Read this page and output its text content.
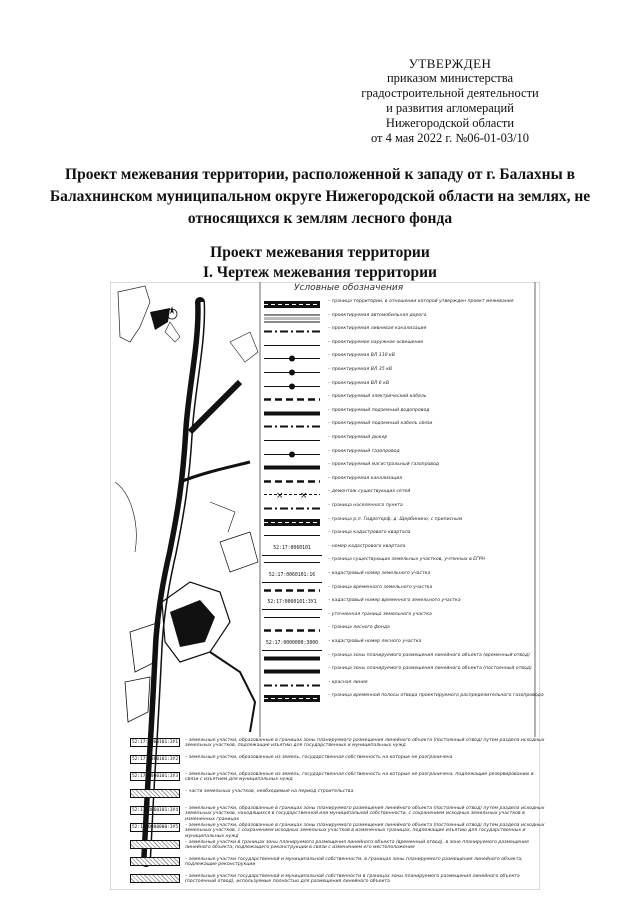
УТВЕРЖДЕН
приказом министерства
градостроительной деятельности
и развития агломераций
Нижегородской области
от 4 мая 2022 г. №06-01-03/10
Проект межевания территории, расположенной к западу от г. Балахны в Балахнинском муниципальном округе Нижегородской области на землях, не относящихся к землям лесного фонда
Проект межевания территории
I. Чертеж межевания территории
Условные обозначения
– граница территории, в отношении которой утвержден проект межевания
– проектируемая автомобильная дорога
– проектируемая ливневая канализация
– проектируемое наружное освещение
– проектируемая ВЛ 110 кВ
– проектируемая ВЛ 35 кВ
– проектируемая ВЛ 6 кВ
– проектируемый электрический кабель
– проектируемый подземный водопровод
– проектируемый подземный кабель связи
– проектируемый дюкер
– проектируемый газопровод
– проектируемый магистральный газопровод
– проектируемая канализация
× ×	– демонтаж существующих сетей
– граница населенного пункта
– граница р.п. Гидроторф, д. Щербинино, с приписным
– граница кадастрового квартала
52:17:0060101	– номер кадастрового квартала
– граница существующих земельных участков, учтенных в ЕГРН
52:17:0060101:16	– кадастровый номер земельного участка
– граница временного земельного участка
52:17:0060101:ЗУ1	– кадастровый номер временного земельного участка
– уточненная граница земельного участка
– граница лесного фонда
52:17:0000000:3000	– кадастровый номер лесного участка
– граница зоны планируемого размещения линейного объекта (временный отвод)
– граница зоны планируемого размещения линейного объекта (постоянный отвод)
– красная линия
– граница временной полосы отвода проектируемого распределительного газопровода
52:17:0060101:ЗУ1	– земельные участки, образованные в границах зоны планируемого размещения линейного объекта (постоянный отвод) путем раздела исходных земельных участков, подлежащие изъятию для государственных и муниципальных нужд
52:17:0060101:ЗУ2	– земельные участки, образованные из земель, государственная собственность на которые не разграничена
52:17:0060101:ЗУ3	– земельные участки, образованные из земель, государственная собственность на которые не разграничена, подлежащие резервированию в связи с изъятием для муниципальных нужд
– части земельных участков, необходимые на период строительства
52:17:0060101:ЗУ4	– земельные участки, образованные в границах зоны планируемого размещения линейного объекта (постоянный отвод) путем раздела исходных земельных участков, находящихся в государственной или муниципальной собственности, с сохранением исходных земельных участков в измененных границах
52:17:0000000:ЗУ5	– земельные участки, образованные в границах зоны планируемого размещения линейного объекта (постоянный отвод) путем раздела исходных земельных участков, с сохранением исходных земельных участков в измененных границах, подлежащие изъятию для государственных и муниципальных нужд
– земельные участки в границах зоны планируемого размещения линейного объекта (временный отвод), в зоне планируемого размещения линейного объекта, подлежащего реконструкции в связи с изменением его местоположения
– земельные участки государственной и муниципальной собственности, в границах зоны планируемого размещения линейного объекта, подлежащие реконструкции
– земельные участки государственной и муниципальной собственности в границах зоны планируемого размещения линейного объекта (постоянный отвод), используемые полностью для размещения линейного объекта
